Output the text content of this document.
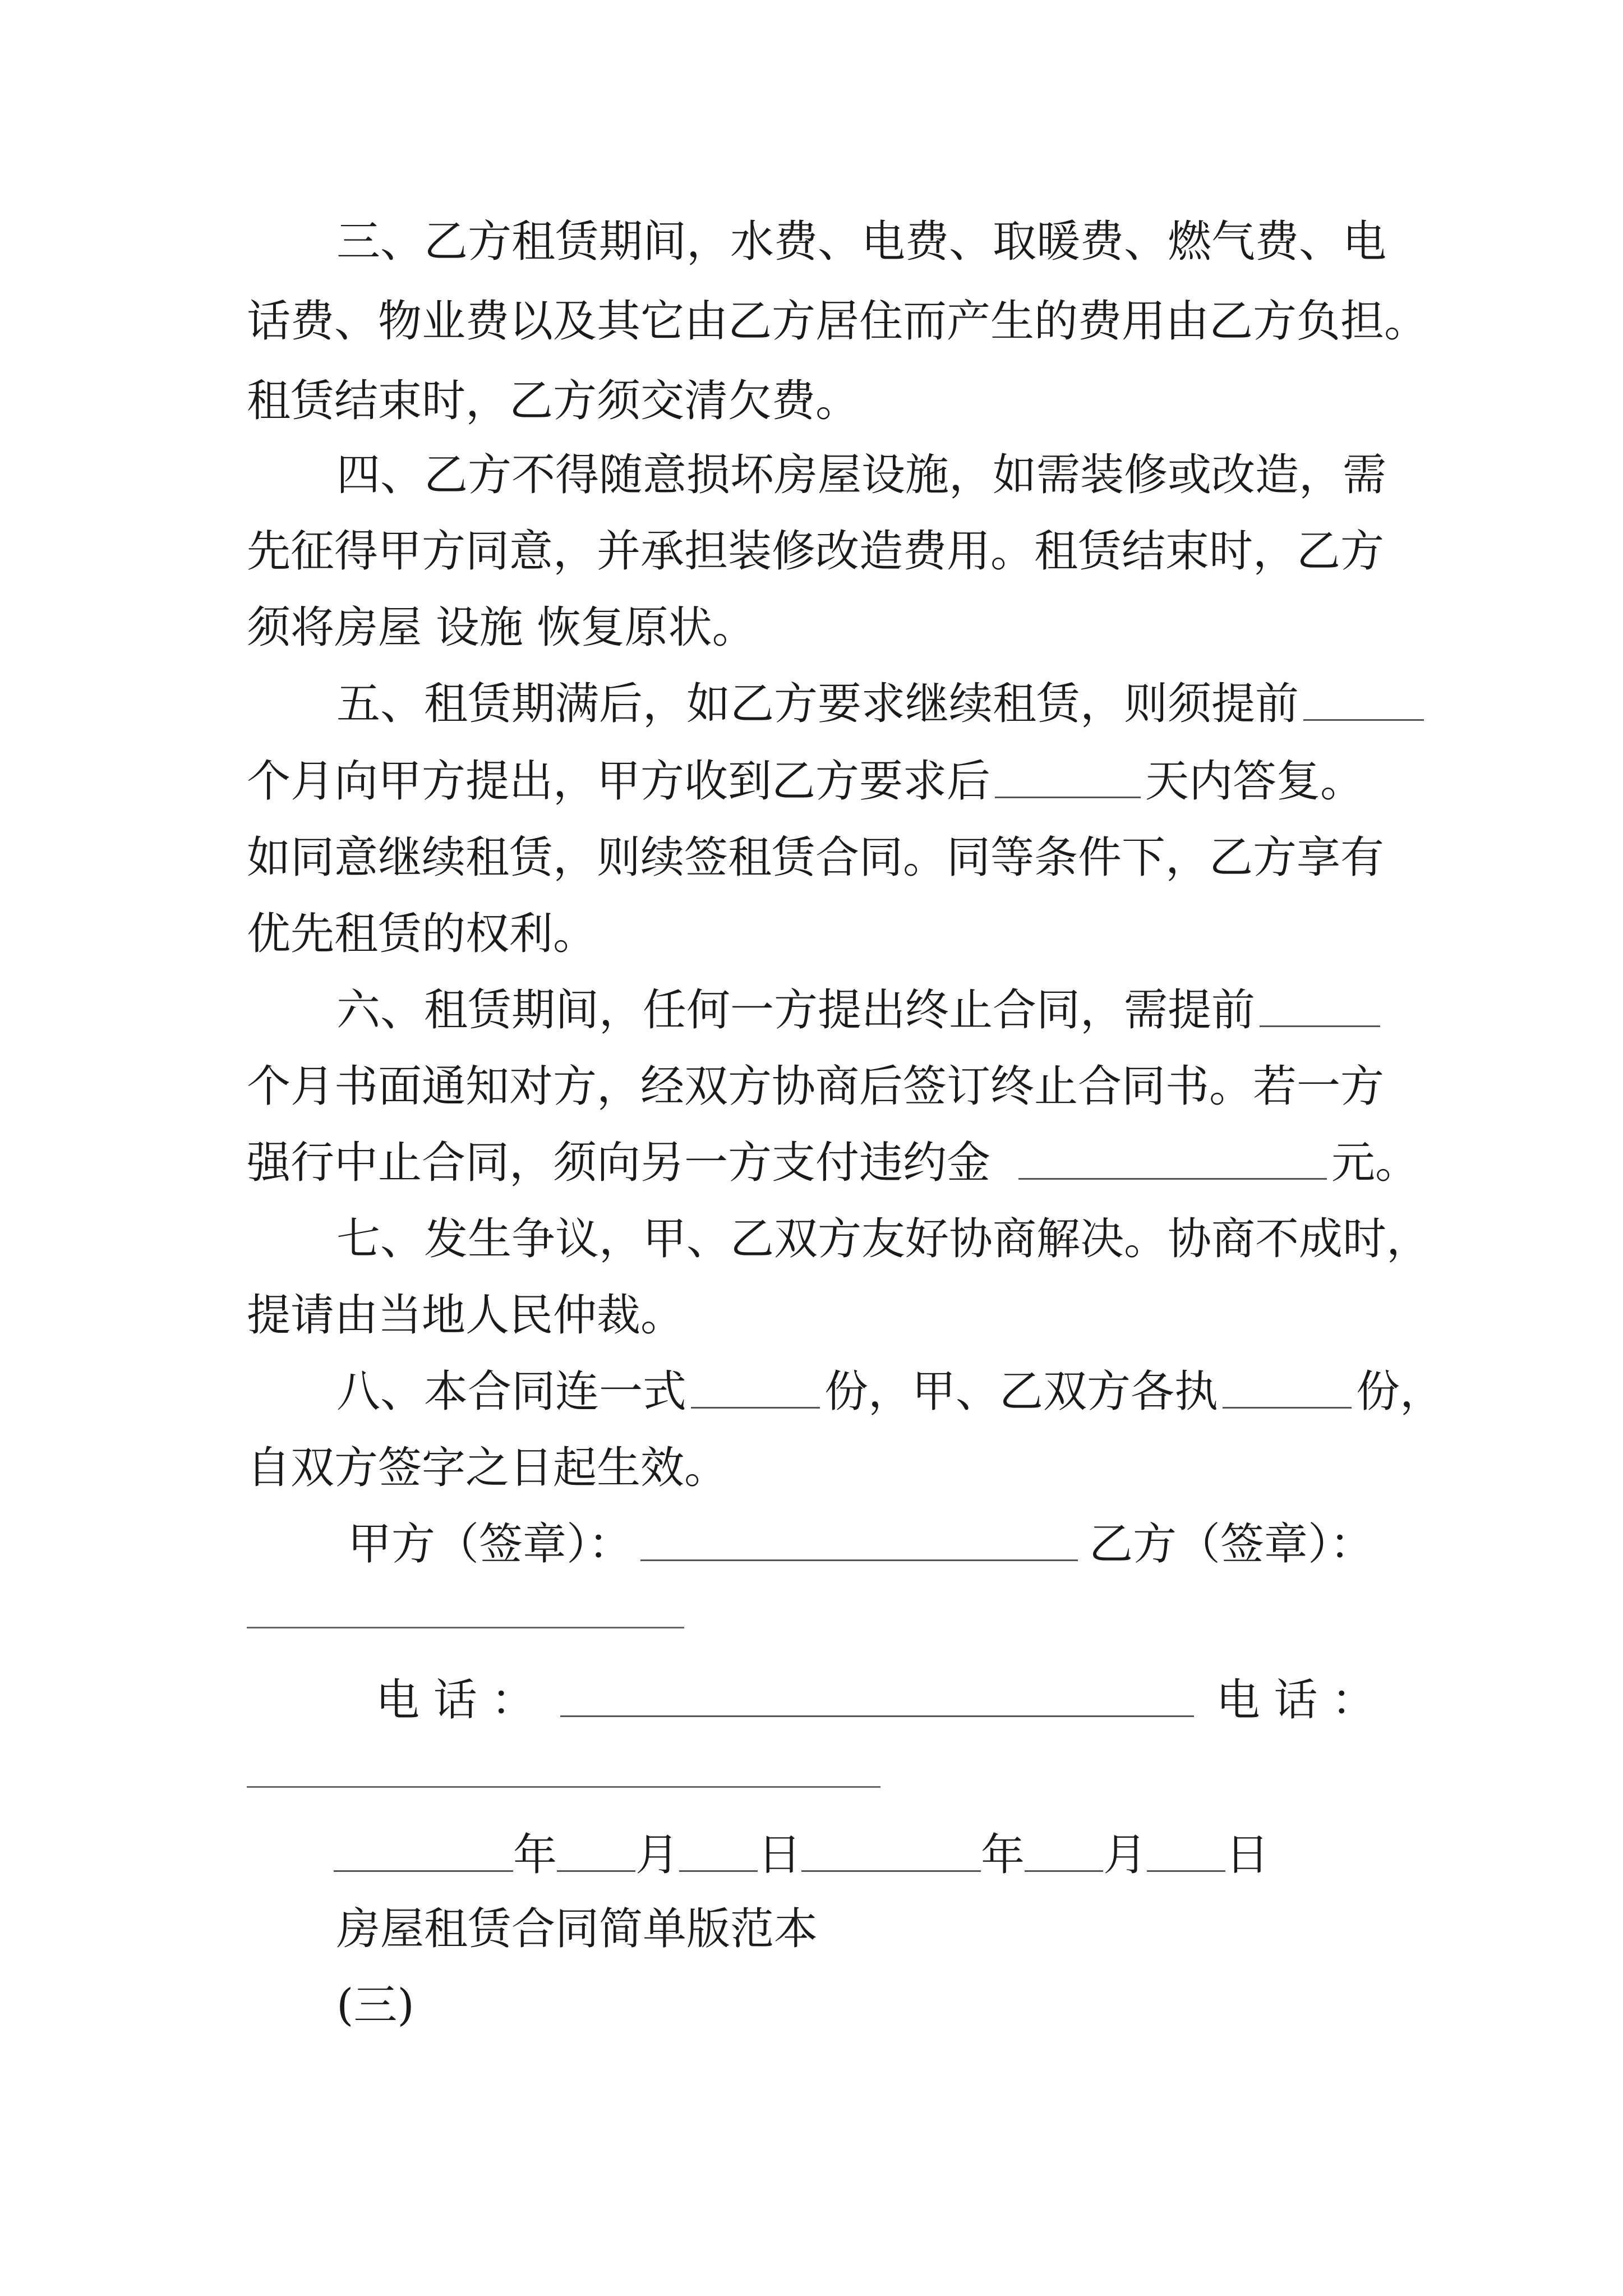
三、乙方租赁期间，水费、电费、取暖费、燃气费、电

话费、物业费以及其它由乙方居住而产生的费用由乙方负担。

租赁结束时，乙方须交清欠费。

四、乙方不得随意损坏房屋设施，如需装修或改造，需

先征得甲方同意，并承担装修改造费用。租赁结束时，乙方

须将房屋 设施 恢复原状。

五、租赁期满后，如乙方要求继续租赁，则须提前

个月向甲方提出，甲方收到乙方要求后	天内答复。

如同意继续租赁，则续签租赁合同。同等条件下，乙方享有

优先租赁的权利。

六、租赁期间，任何一方提出终止合同，需提前

个月书面通知对方，经双方协商后签订终止合同书。若一方

强行中止合同，须向另一方支付违约金	元。

七、发生争议，甲、乙双方友好协商解决。协商不成时，

提请由当地人民仲裁。

八、本合同连一式	份，甲、乙双方各执	份，

自双方签字之日起生效。

甲方（签章）：	乙方（签章）：

电 话 ：	电 话 ：

年 月 日	年 月 日

房屋租赁合同简单版范本

(三)
